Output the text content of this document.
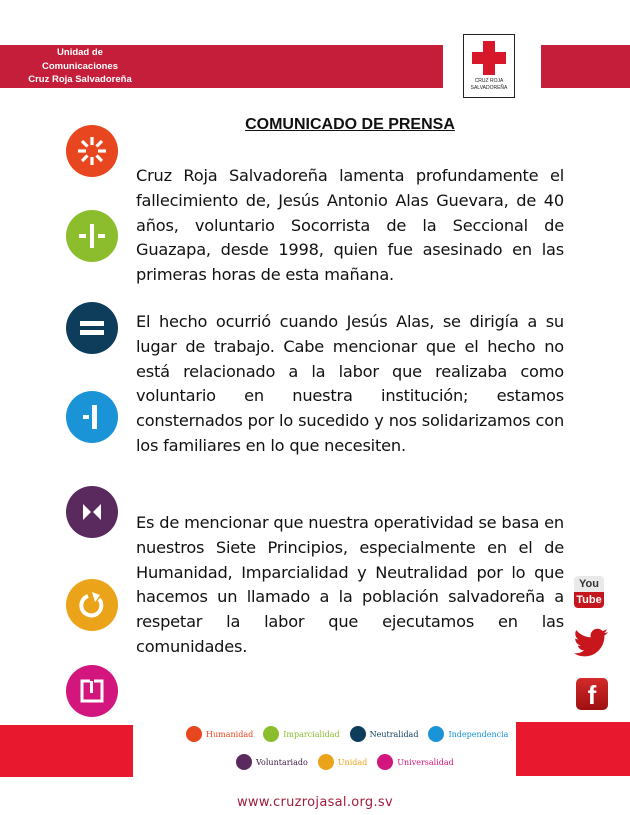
Unidad de
Comunicaciones
Cruz Roja Salvadoreña	CRUZ ROJA
SALVADOREÑA
COMUNICADO DE PRENSA
Cruz Roja Salvadoreña lamenta profundamente el fallecimiento de, Jesús Antonio Alas Guevara, de 40 años, voluntario Socorrista de la Seccional de Guazapa, desde 1998, quien fue asesinado en las primeras horas de esta mañana.
El hecho ocurrió cuando Jesús Alas, se dirigía a su lugar de trabajo. Cabe mencionar que el hecho no está relacionado a la labor que realizaba como voluntario en nuestra institución; estamos consternados por lo sucedido y nos solidarizamos con los familiares en lo que necesiten.
Es de mencionar que nuestra operatividad se basa en nuestros Siete Principios, especialmente en el de Humanidad, Imparcialidad y Neutralidad por lo que hacemos un llamado a la población salvadoreña a respetar la labor que ejecutamos en las comunidades.
You
Tube
f
Humanidad	Imparcialidad	Neutralidad	Independencia
Voluntariado	Unidad	Universalidad
www.cruzrojasal.org.sv
